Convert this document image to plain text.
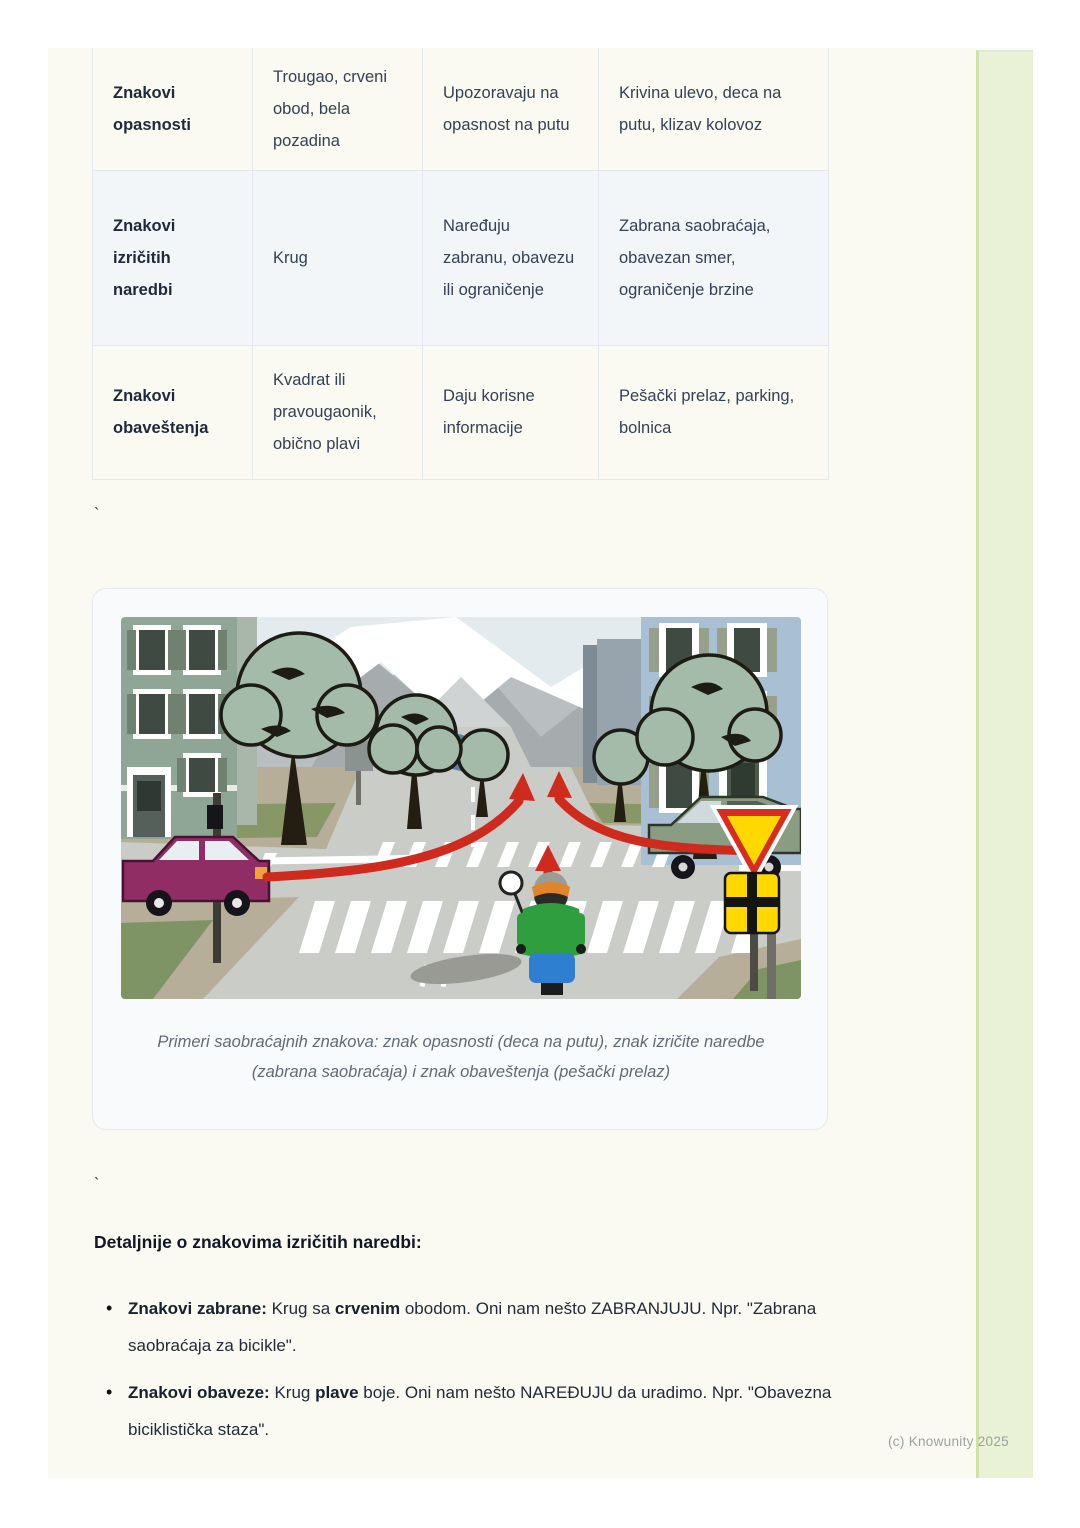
Znakovi opasnosti	Trougao, crveni obod, bela pozadina	Upozoravaju na opasnost na putu	Krivina ulevo, deca na putu, klizav kolovoz
Znakovi izričitih naredbi	Krug	Naređuju zabranu, obavezu ili ograničenje	Zabrana saobraćaja, obavezan smer, ograničenje brzine
Znakovi obaveštenja	Kvadrat ili pravougaonik, obično plavi	Daju korisne informacije	Pešački prelaz, parking, bolnica
`
Primeri saobraćajnih znakova: znak opasnosti (deca na putu), znak izričite naredbe (zabrana saobraćaja) i znak obaveštenja (pešački prelaz)
`
Detaljnije o znakovima izričitih naredbi:
• Znakovi zabrane: Krug sa crvenim obodom. Oni nam nešto ZABRANJUJU. Npr. "Zabrana saobraćaja za bicikle".
• Znakovi obaveze: Krug plave boje. Oni nam nešto NAREĐUJU da uradimo. Npr. "Obavezna biciklistička staza".
(c) Knowunity 2025
